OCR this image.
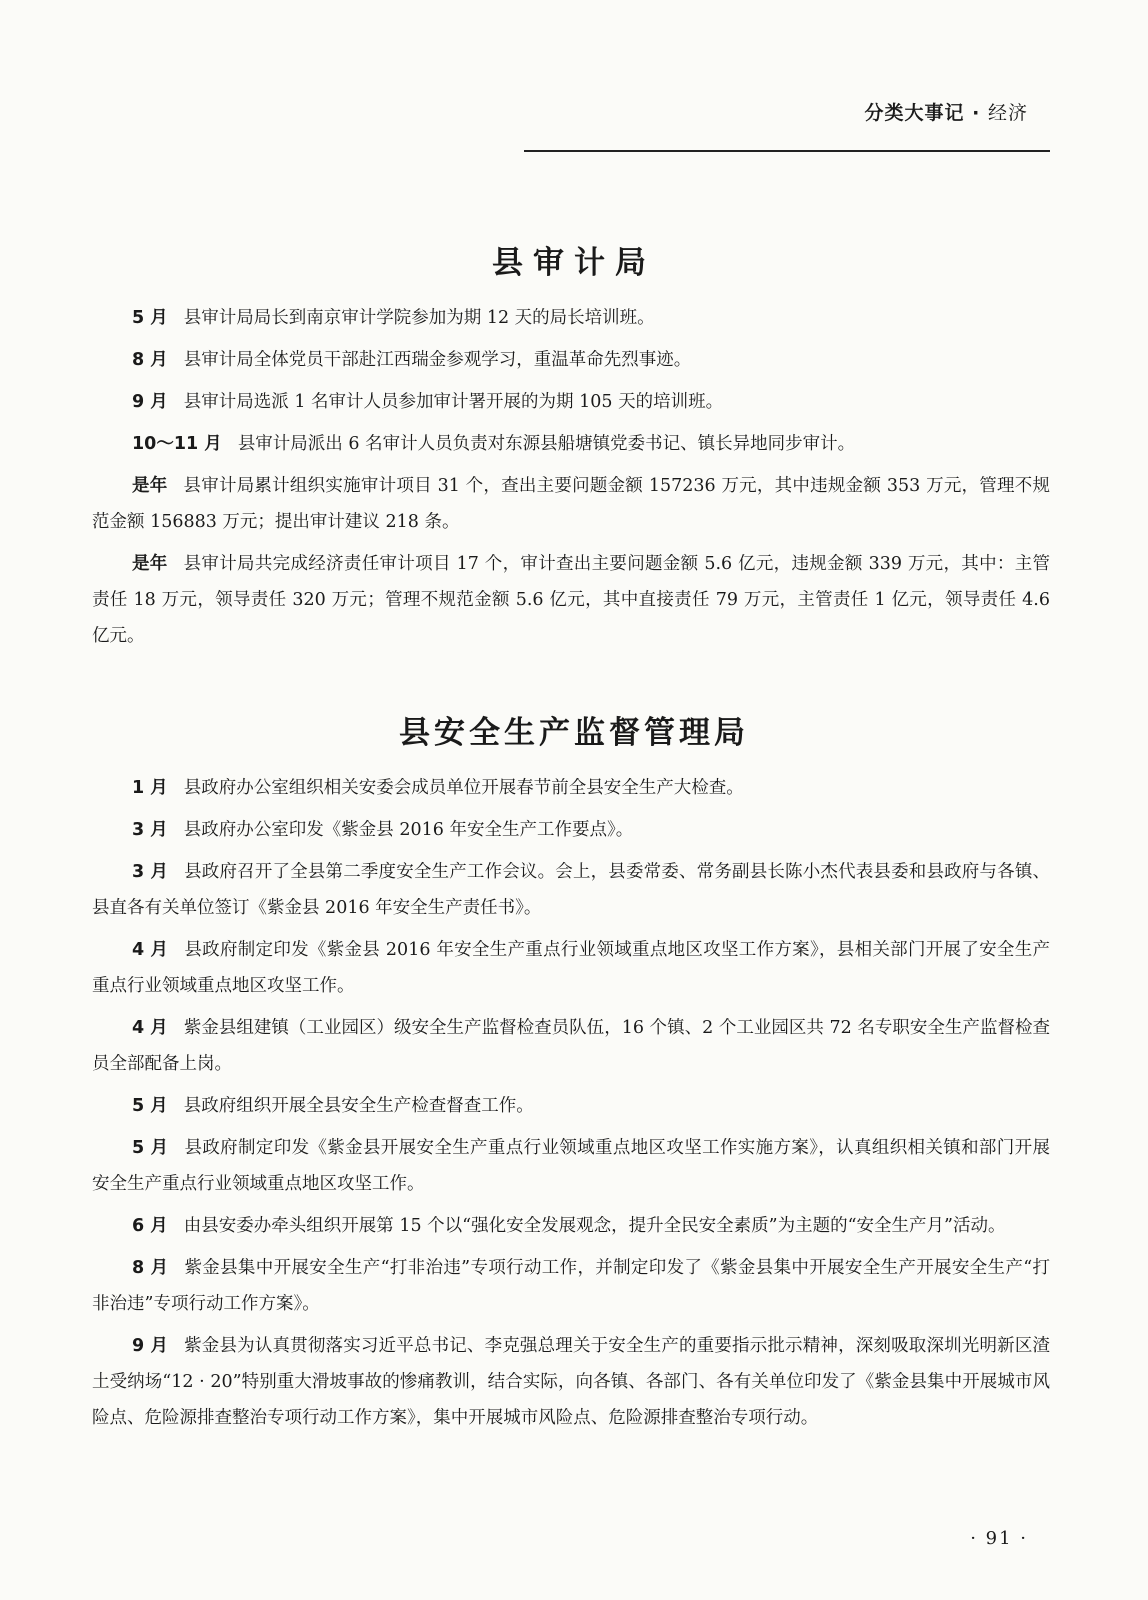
分类大事记 · 经济
县审计局

5 月 县审计局局长到南京审计学院参加为期 12 天的局长培训班。

8 月 县审计局全体党员干部赴江西瑞金参观学习，重温革命先烈事迹。

9 月 县审计局选派 1 名审计人员参加审计署开展的为期 105 天的培训班。

10～11 月 县审计局派出 6 名审计人员负责对东源县船塘镇党委书记、镇长异地同步审计。

是年 县审计局累计组织实施审计项目 31 个，查出主要问题金额 157236 万元，其中违规金额 353 万元，管理不规范金额 156883 万元；提出审计建议 218 条。

是年 县审计局共完成经济责任审计项目 17 个，审计查出主要问题金额 5.6 亿元，违规金额 339 万元，其中：主管责任 18 万元，领导责任 320 万元；管理不规范金额 5.6 亿元，其中直接责任 79 万元，主管责任 1 亿元，领导责任 4.6 亿元。

县安全生产监督管理局

1 月 县政府办公室组织相关安委会成员单位开展春节前全县安全生产大检查。

3 月 县政府办公室印发《紫金县 2016 年安全生产工作要点》。

3 月 县政府召开了全县第二季度安全生产工作会议。会上，县委常委、常务副县长陈小杰代表县委和县政府与各镇、县直各有关单位签订《紫金县 2016 年安全生产责任书》。

4 月 县政府制定印发《紫金县 2016 年安全生产重点行业领域重点地区攻坚工作方案》，县相关部门开展了安全生产重点行业领域重点地区攻坚工作。

4 月 紫金县组建镇（工业园区）级安全生产监督检查员队伍，16 个镇、2 个工业园区共 72 名专职安全生产监督检查员全部配备上岗。

5 月 县政府组织开展全县安全生产检查督查工作。

5 月 县政府制定印发《紫金县开展安全生产重点行业领域重点地区攻坚工作实施方案》，认真组织相关镇和部门开展安全生产重点行业领域重点地区攻坚工作。

6 月 由县安委办牵头组织开展第 15 个以“强化安全发展观念，提升全民安全素质”为主题的“安全生产月”活动。

8 月 紫金县集中开展安全生产“打非治违”专项行动工作，并制定印发了《紫金县集中开展安全生产开展安全生产“打非治违”专项行动工作方案》。

9 月 紫金县为认真贯彻落实习近平总书记、李克强总理关于安全生产的重要指示批示精神，深刻吸取深圳光明新区渣土受纳场“12 · 20”特别重大滑坡事故的惨痛教训，结合实际，向各镇、各部门、各有关单位印发了《紫金县集中开展城市风险点、危险源排查整治专项行动工作方案》，集中开展城市风险点、危险源排查整治专项行动。

· 91 ·
